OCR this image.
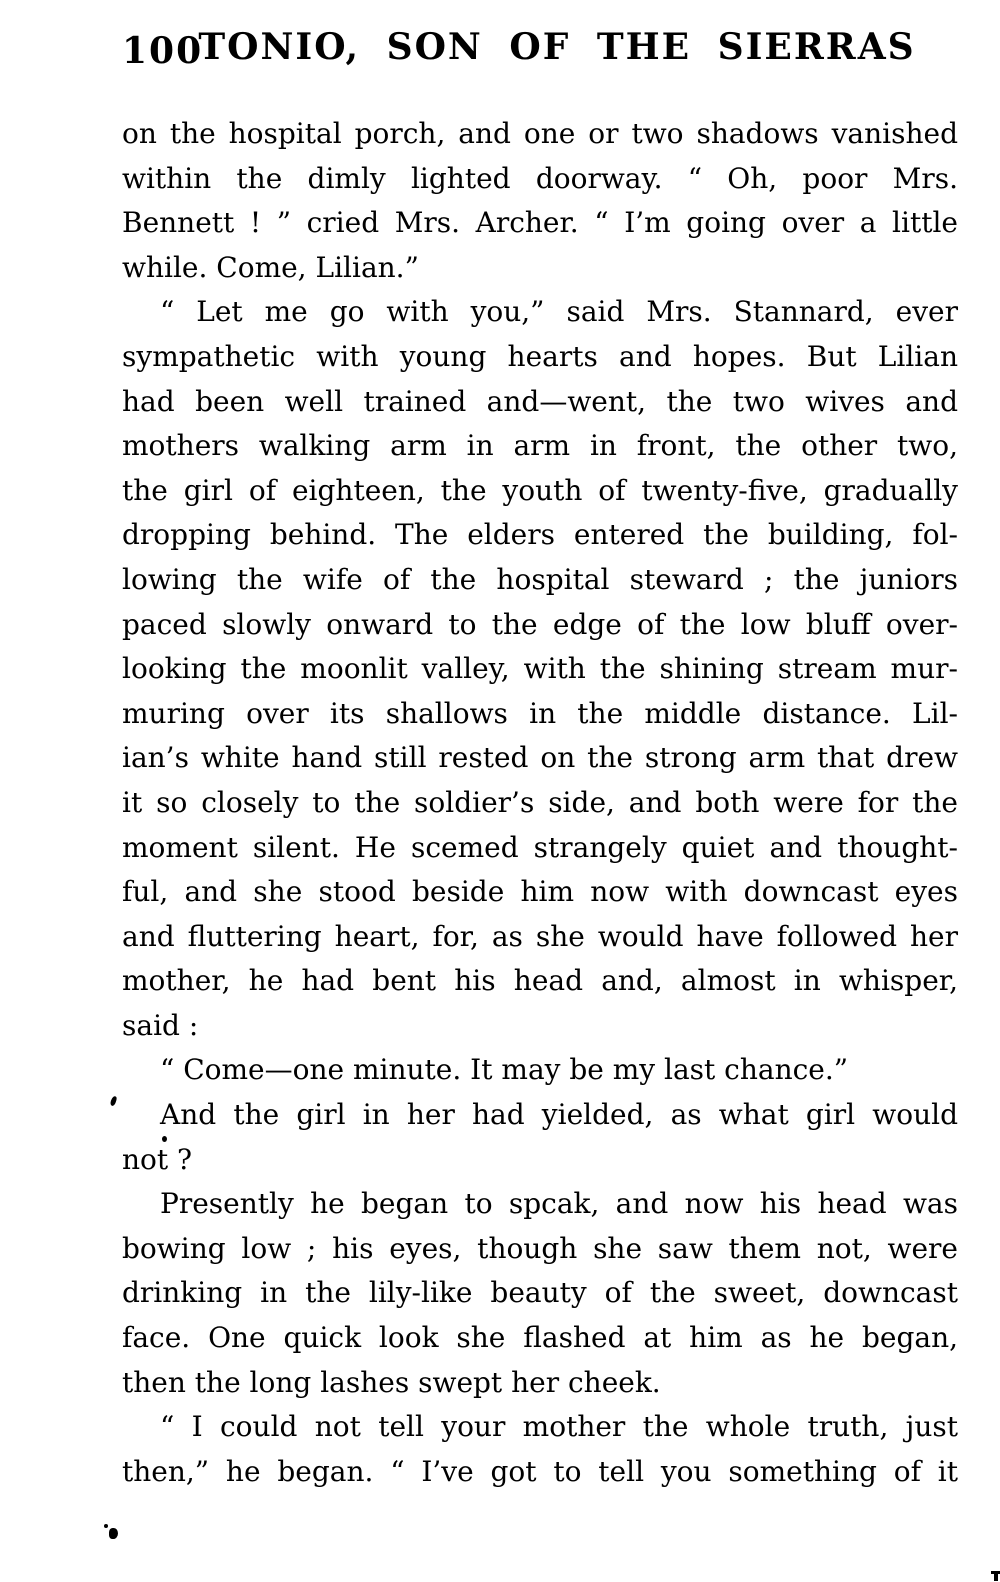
100
TONIO, SON OF THE SIERRAS
on the hospital porch, and one or two shadows vanished
within the dimly lighted doorway. “ Oh, poor Mrs.
Bennett ! ” cried Mrs. Archer. “ I’m going over a little
while. Come, Lilian.”
“ Let me go with you,” said Mrs. Stannard, ever
sympathetic with young hearts and hopes. But Lilian
had been well trained and—went, the two wives and
mothers walking arm in arm in front, the other two,
the girl of eighteen, the youth of twenty-five, gradually
dropping behind. The elders entered the building, fol-
lowing the wife of the hospital steward ; the juniors
paced slowly onward to the edge of the low bluff over-
looking the moonlit valley, with the shining stream mur-
muring over its shallows in the middle distance. Lil-
ian’s white hand still rested on the strong arm that drew
it so closely to the soldier’s side, and both were for the
moment silent. He scemed strangely quiet and thought-
ful, and she stood beside him now with downcast eyes
and fluttering heart, for, as she would have followed her
mother, he had bent his head and, almost in whisper,
said :
“ Come—one minute. It may be my last chance.”
And the girl in her had yielded, as what girl would
not ?
Presently he began to spcak, and now his head was
bowing low ; his eyes, though she saw them not, were
drinking in the lily-like beauty of the sweet, downcast
face. One quick look she flashed at him as he began,
then the long lashes swept her cheek.
“ I could not tell your mother the whole truth, just
then,” he began. “ I’ve got to tell you something of it
